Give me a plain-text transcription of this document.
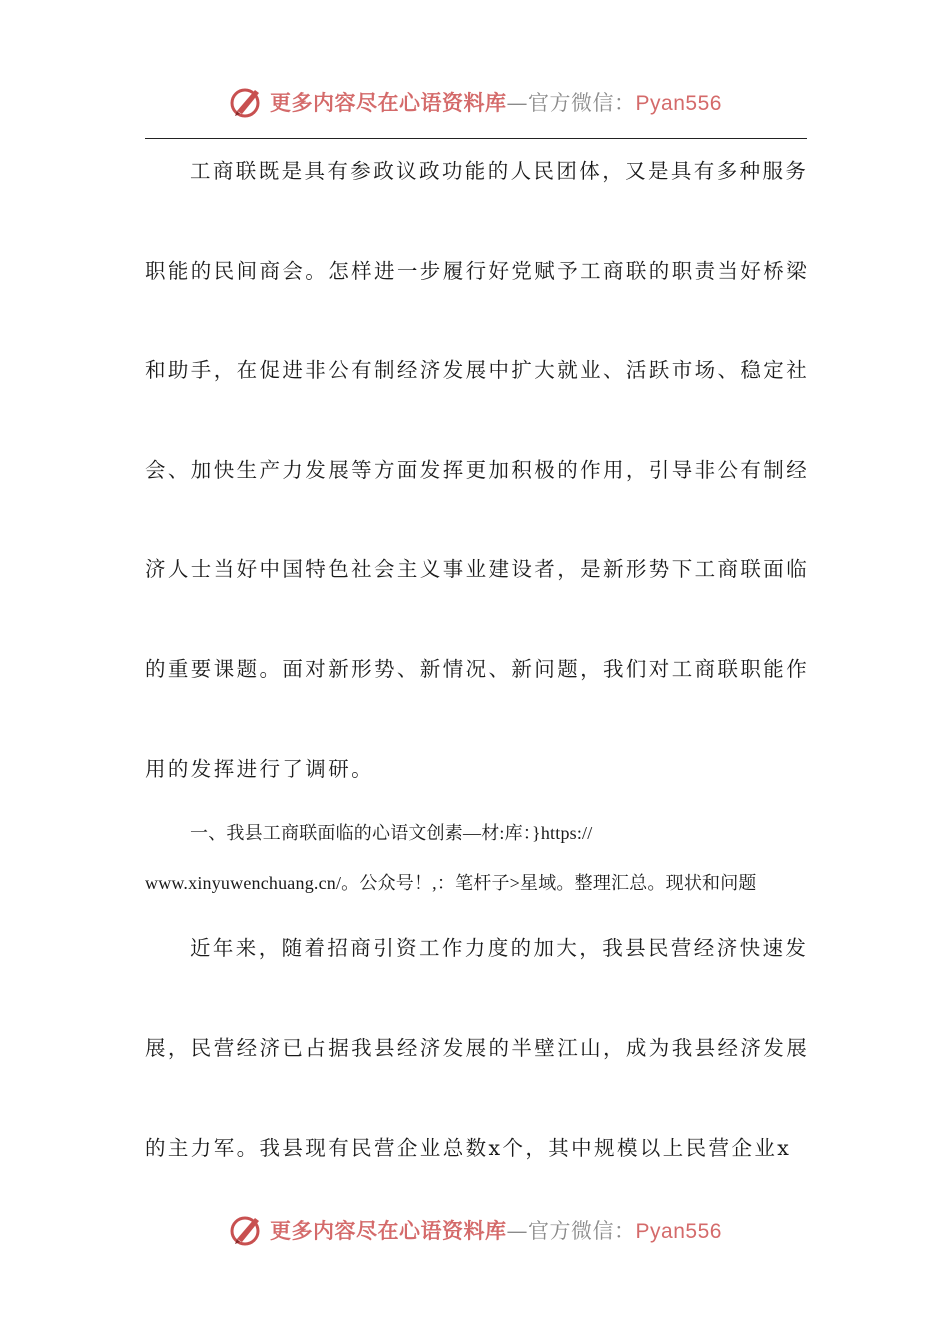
更多内容尽在心语资料库—官方微信：Pyan556
工商联既是具有参政议政功能的人民团体，又是具有多种服务
职能的民间商会。怎样进一步履行好党赋予工商联的职责当好桥梁
和助手，在促进非公有制经济发展中扩大就业、活跃市场、稳定社
会、加快生产力发展等方面发挥更加积极的作用，引导非公有制经
济人士当好中国特色社会主义事业建设者，是新形势下工商联面临
的重要课题。面对新形势、新情况、新问题，我们对工商联职能作
用的发挥进行了调研。
一、我县工商联面临的心语文创素—材:库：}https://
www.xinyuwenchuang.cn/。公众号！,：笔杆子>星域。整理汇总。现状和问题
近年来，随着招商引资工作力度的加大，我县民营经济快速发
展，民营经济已占据我县经济发展的半壁江山，成为我县经济发展
的主力军。我县现有民营企业总数x个，其中规模以上民营企业x
更多内容尽在心语资料库—官方微信：Pyan556
